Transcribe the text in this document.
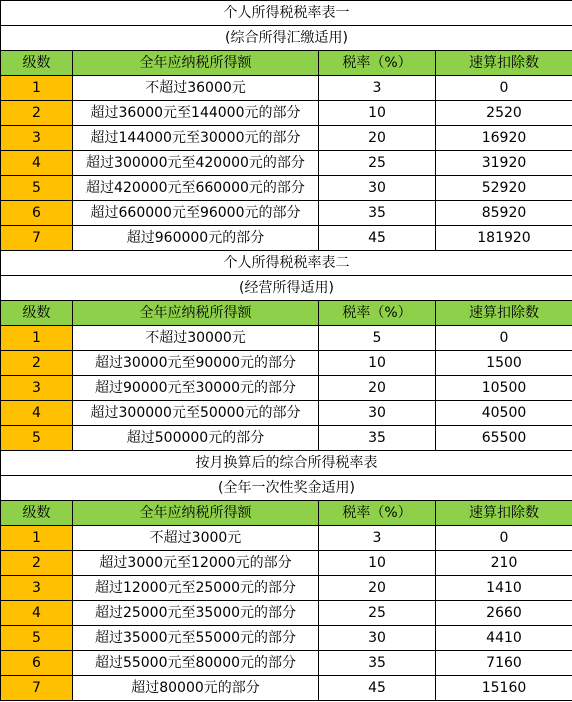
个人所得税税率表一			
(综合所得汇缴适用)			
级数	全年应纳税所得额	税率（%）	速算扣除数
1	不超过36000元	3	0
2	超过36000元至144000元的部分	10	2520
3	超过144000元至30000元的部分	20	16920
4	超过300000元至420000元的部分	25	31920
5	超过420000元至660000元的部分	30	52920
6	超过660000元至96000元的部分	35	85920
7	超过960000元的部分	45	181920
个人所得税税率表二			
(经营所得适用)			
级数	全年应纳税所得额	税率（%）	速算扣除数
1	不超过30000元	5	0
2	超过30000元至90000元的部分	10	1500
3	超过90000元至30000元的部分	20	10500
4	超过300000元至50000元的部分	30	40500
5	超过500000元的部分	35	65500
按月换算后的综合所得税率表			
(全年一次性奖金适用)			
级数	全年应纳税所得额	税率（%）	速算扣除数
1	不超过3000元	3	0
2	超过3000元至12000元的部分	10	210
3	超过12000元至25000元的部分	20	1410
4	超过25000元至35000元的部分	25	2660
5	超过35000元至55000元的部分	30	4410
6	超过55000元至80000元的部分	35	7160
7	超过80000元的部分	45	15160
